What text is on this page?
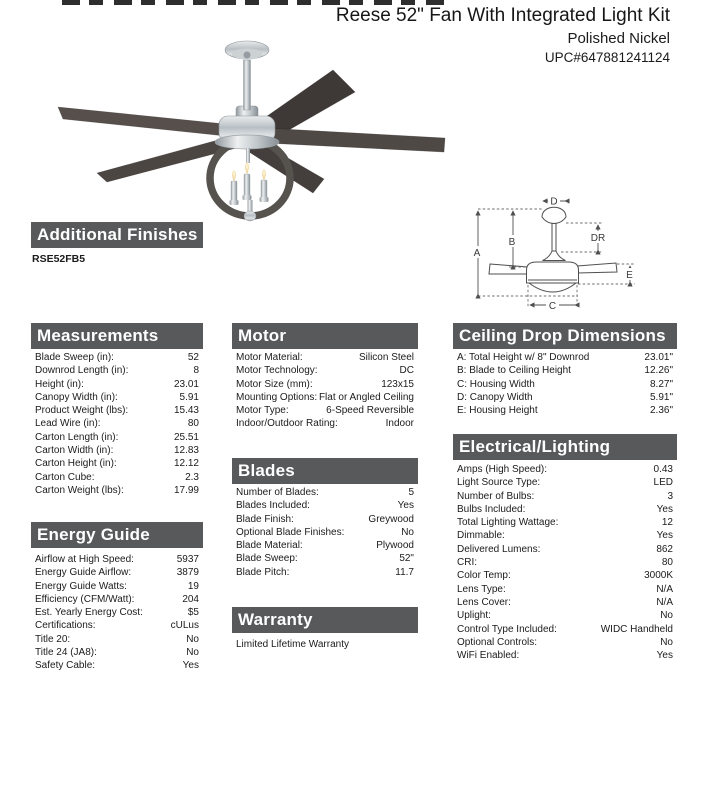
Reese 52" Fan With Integrated Light Kit
Polished Nickel
UPC#647881241124
Additional Finishes
RSE52FB5
D
A
B	DR
E
C
Measurements
Blade Sweep (in):	52
Downrod Length (in):	8
Height (in):	23.01
Canopy Width (in):	5.91
Product Weight (lbs):	15.43
Lead Wire (in):	80
Carton Length (in):	25.51
Carton Width (in):	12.83
Carton Height (in):	12.12
Carton Cube:	2.3
Carton Weight (lbs):	17.99
Energy Guide
Airflow at High Speed:	5937
Energy Guide Airflow:	3879
Energy Guide Watts:	19
Efficiency (CFM/Watt):	204
Est. Yearly Energy Cost:	$5
Certifications:	cULus
Title 20:	No
Title 24 (JA8):	No
Safety Cable:	Yes
Motor
Motor Material:	Silicon Steel
Motor Technology:	DC
Motor Size (mm):	123x15
Mounting Options: Flat or Angled Ceiling
Motor Type:	6-Speed Reversible
Indoor/Outdoor Rating:	Indoor
Blades
Number of Blades:	5
Blades Included:	Yes
Blade Finish:	Greywood
Optional Blade Finishes:	No
Blade Material:	Plywood
Blade Sweep:	52"
Blade Pitch:	11.7
Warranty
Limited Lifetime Warranty
Ceiling Drop Dimensions
A: Total Height w/ 8" Downrod	23.01"
B: Blade to Ceiling Height	12.26"
C: Housing Width	8.27"
D: Canopy Width	5.91"
E: Housing Height	2.36"
Electrical/Lighting
Amps (High Speed):	0.43
Light Source Type:	LED
Number of Bulbs:	3
Bulbs Included:	Yes
Total Lighting Wattage:	12
Dimmable:	Yes
Delivered Lumens:	862
CRI:	80
Color Temp:	3000K
Lens Type:	N/A
Lens Cover:	N/A
Uplight:	No
Control Type Included:	WIDC Handheld
Optional Controls:	No
WiFi Enabled:	Yes
